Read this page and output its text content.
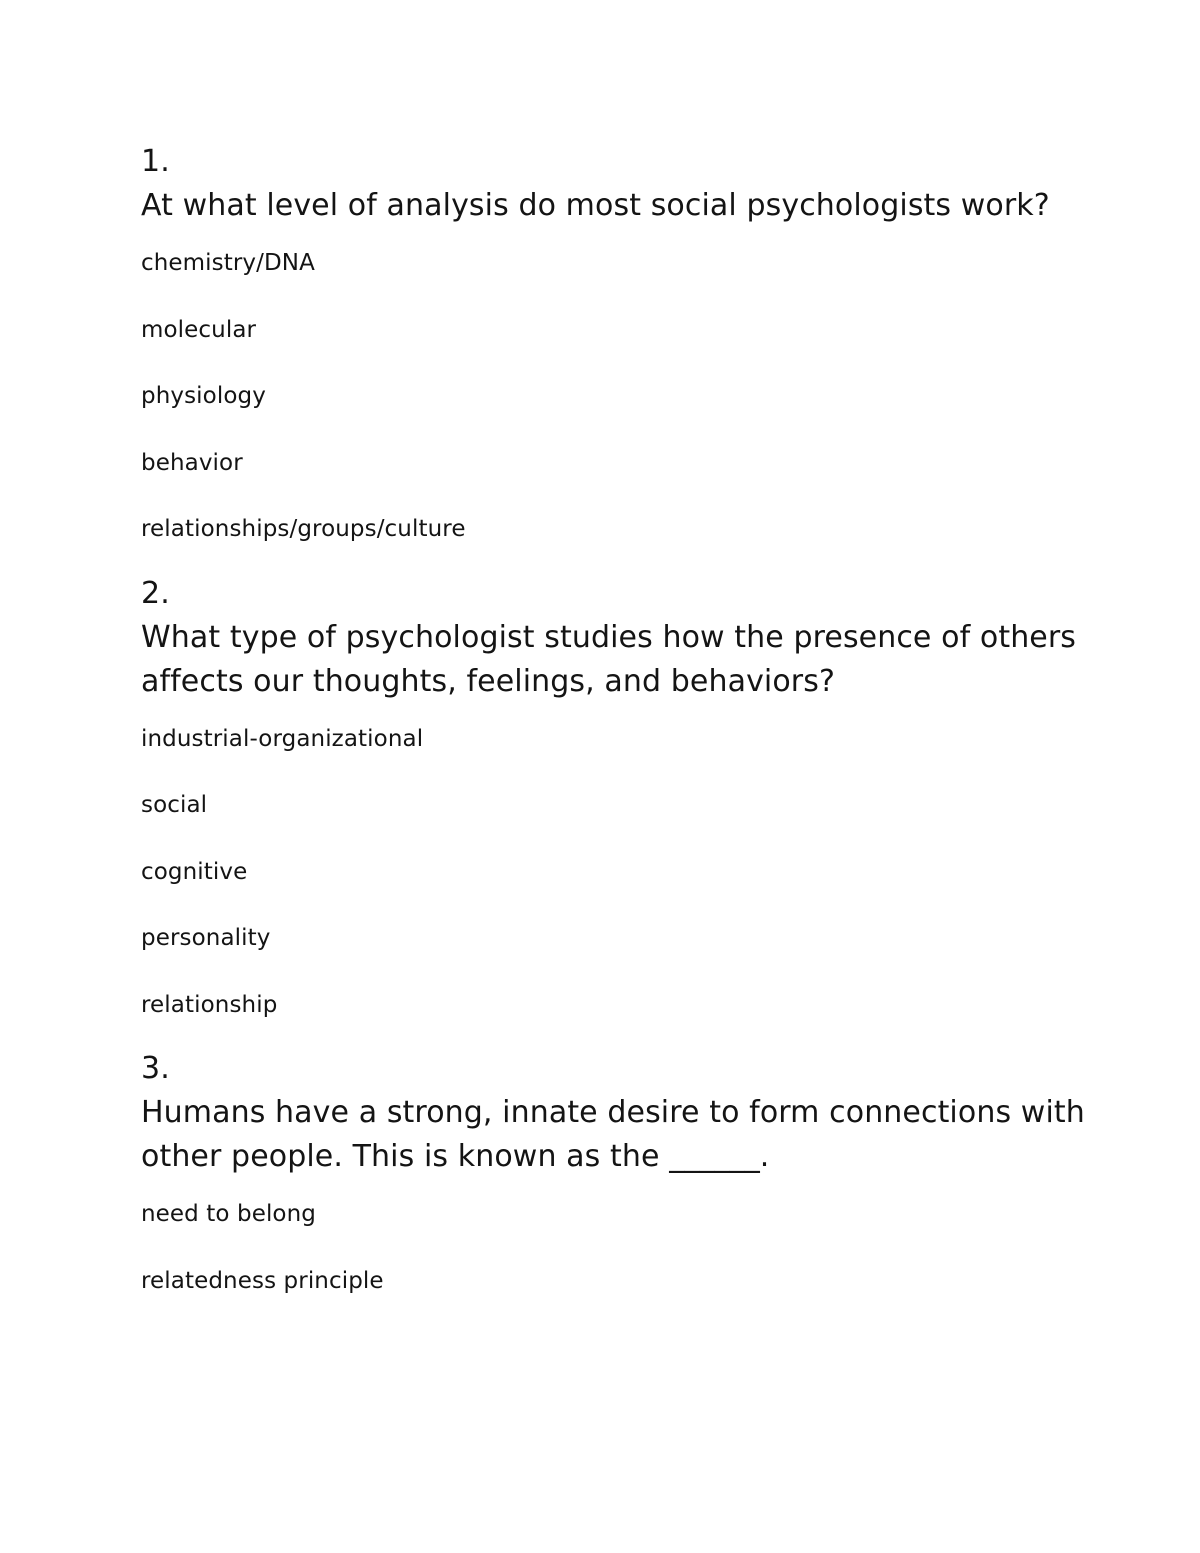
1.
At what level of analysis do most social psychologists work?
chemistry/DNA
molecular
physiology
behavior
relationships/groups/culture
2.
What type of psychologist studies how the presence of others affects our thoughts, feelings, and behaviors?
industrial-organizational
social
cognitive
personality
relationship
3.
Humans have a strong, innate desire to form connections with other people. This is known as the ______.
need to belong
relatedness principle
